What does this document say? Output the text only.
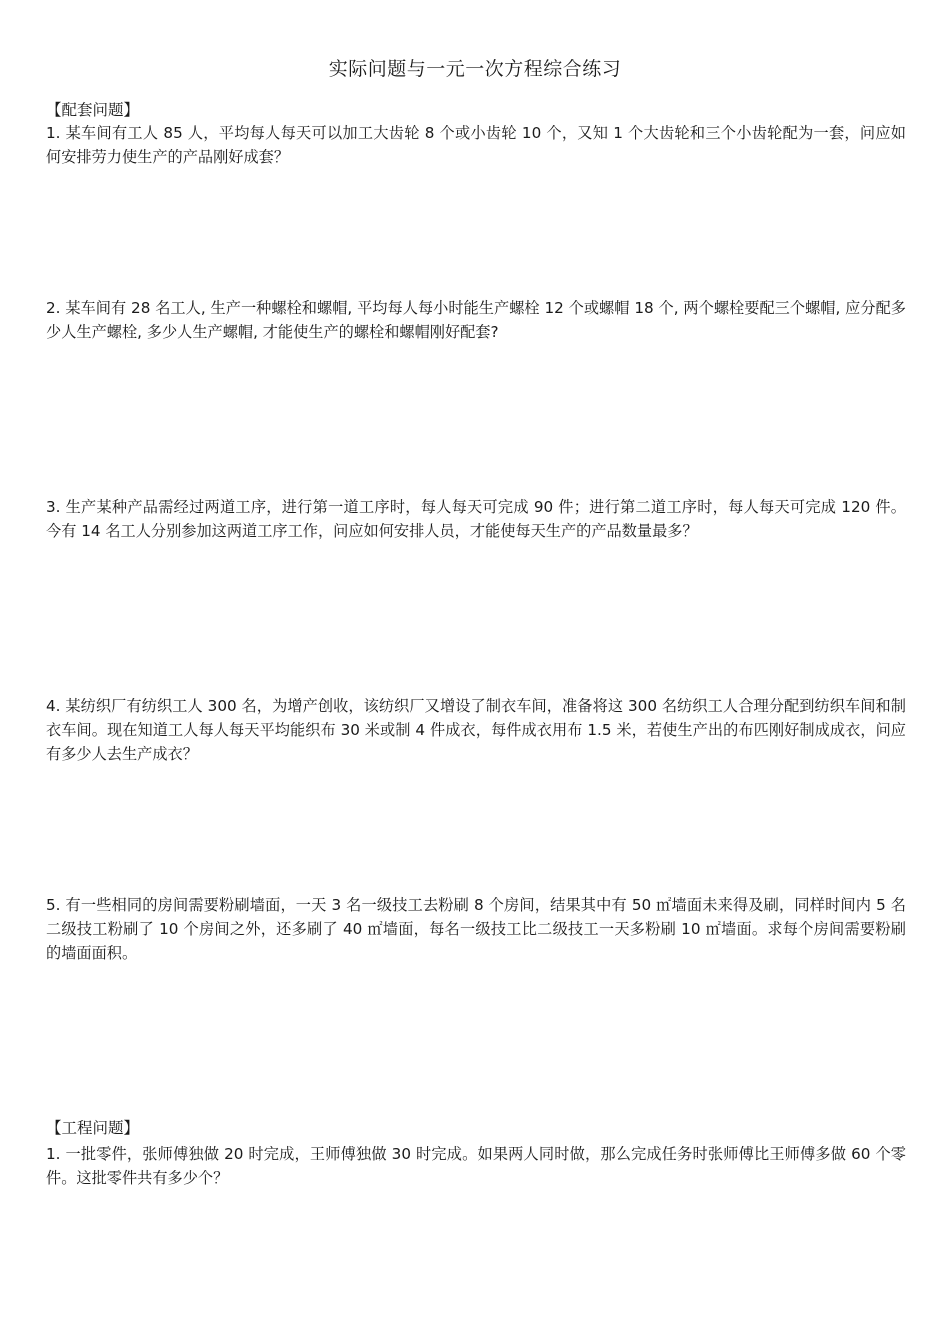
实际问题与一元一次方程综合练习
【配套问题】
1. 某车间有工人 85 人，平均每人每天可以加工大齿轮 8 个或小齿轮 10 个，又知 1 个大齿轮和三个小齿轮配为一套，问应如何安排劳力使生产的产品刚好成套？
2. 某车间有 28 名工人, 生产一种螺栓和螺帽, 平均每人每小时能生产螺栓 12 个或螺帽 18 个, 两个螺栓要配三个螺帽, 应分配多少人生产螺栓, 多少人生产螺帽, 才能使生产的螺栓和螺帽刚好配套?
3. 生产某种产品需经过两道工序，进行第一道工序时，每人每天可完成 90 件；进行第二道工序时，每人每天可完成 120 件。今有 14 名工人分别参加这两道工序工作，问应如何安排人员，才能使每天生产的产品数量最多？
4. 某纺织厂有纺织工人 300 名，为增产创收，该纺织厂又增设了制衣车间，准备将这 300 名纺织工人合理分配到纺织车间和制衣车间。现在知道工人每人每天平均能织布 30 米或制 4 件成衣，每件成衣用布 1.5 米，若使生产出的布匹刚好制成成衣，问应有多少人去生产成衣？
5. 有一些相同的房间需要粉刷墙面，一天 3 名一级技工去粉刷 8 个房间，结果其中有 50 ㎡墙面未来得及刷，同样时间内 5 名二级技工粉刷了 10 个房间之外，还多刷了 40 ㎡墙面，每名一级技工比二级技工一天多粉刷 10 ㎡墙面。求每个房间需要粉刷的墙面面积。
【工程问题】
1. 一批零件，张师傅独做 20 时完成，王师傅独做 30 时完成。如果两人同时做，那么完成任务时张师傅比王师傅多做 60 个零件。这批零件共有多少个？
